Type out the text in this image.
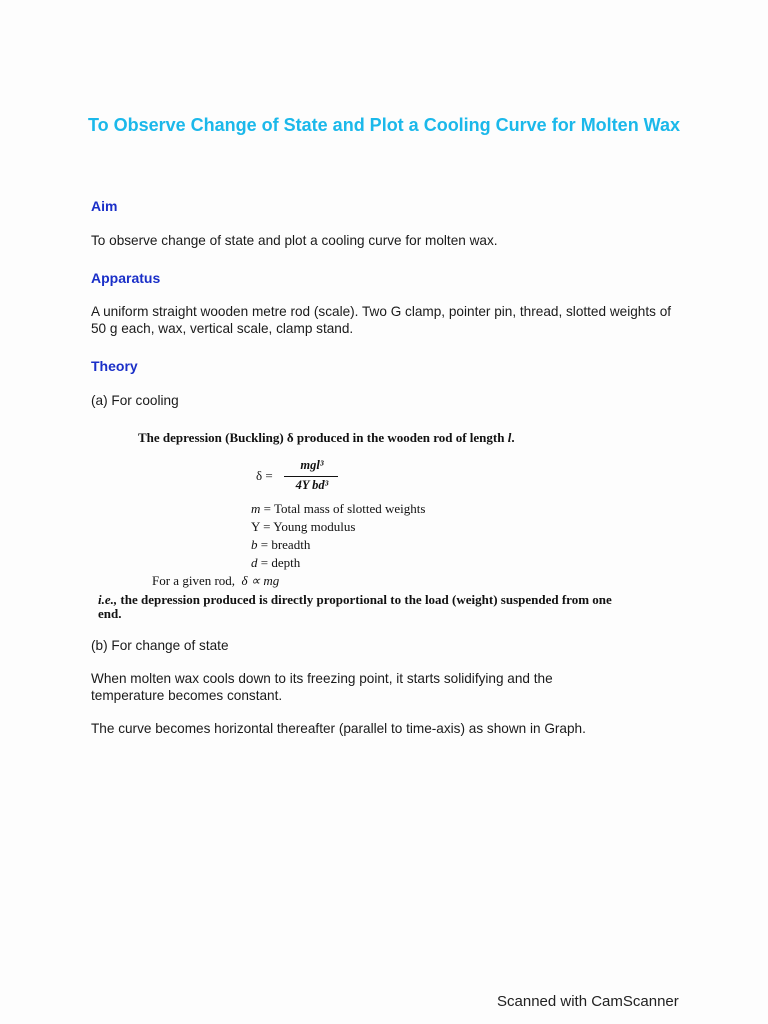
To Observe Change of State and Plot a Cooling Curve for Molten Wax
Aim
To observe change of state and plot a cooling curve for molten wax.
Apparatus
A uniform straight wooden metre rod (scale). Two G clamp, pointer pin, thread, slotted weights of 50 g each, wax, vertical scale, clamp stand.
Theory
(a) For cooling
The depression (Buckling) δ produced in the wooden rod of length l.
δ =
mgl³
4Y bd³
m = Total mass of slotted weights
Y = Young modulus
b = breadth
d = depth
For a given rod, δ ∝ mg
i.e., the depression produced is directly proportional to the load (weight) suspended from one
end.
(b) For change of state
When molten wax cools down to its freezing point, it starts solidifying and the temperature becomes constant.
The curve becomes horizontal thereafter (parallel to time-axis) as shown in Graph.
Scanned with CamScanner
